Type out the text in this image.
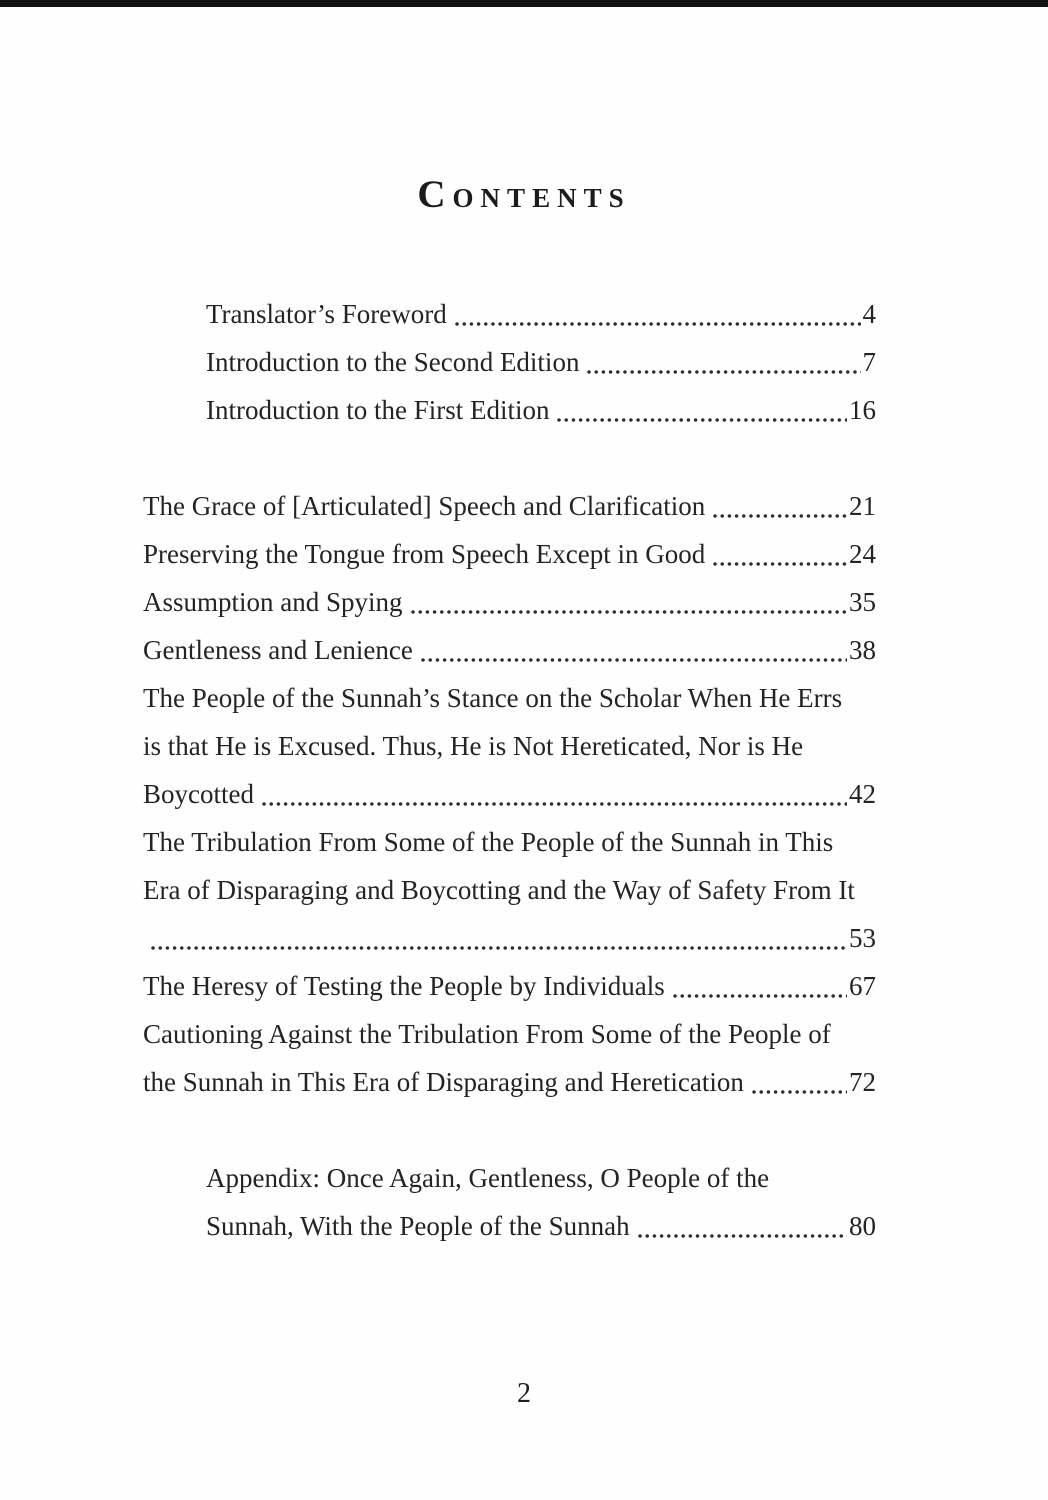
Contents
Translator’s Foreword	4
Introduction to the Second Edition	7
Introduction to the First Edition	16
The Grace of [Articulated] Speech and Clarification	21
Preserving the Tongue from Speech Except in Good	24
Assumption and Spying	35
Gentleness and Lenience	38
The People of the Sunnah’s Stance on the Scholar When He Errs
is that He is Excused. Thus, He is Not Hereticated, Nor is He
Boycotted	42
The Tribulation From Some of the People of the Sunnah in This
Era of Disparaging and Boycotting and the Way of Safety From It
53
The Heresy of Testing the People by Individuals	67
Cautioning Against the Tribulation From Some of the People of
the Sunnah in This Era of Disparaging and Heretication	72
Appendix: Once Again, Gentleness, O People of the
Sunnah, With the People of the Sunnah	80
2
